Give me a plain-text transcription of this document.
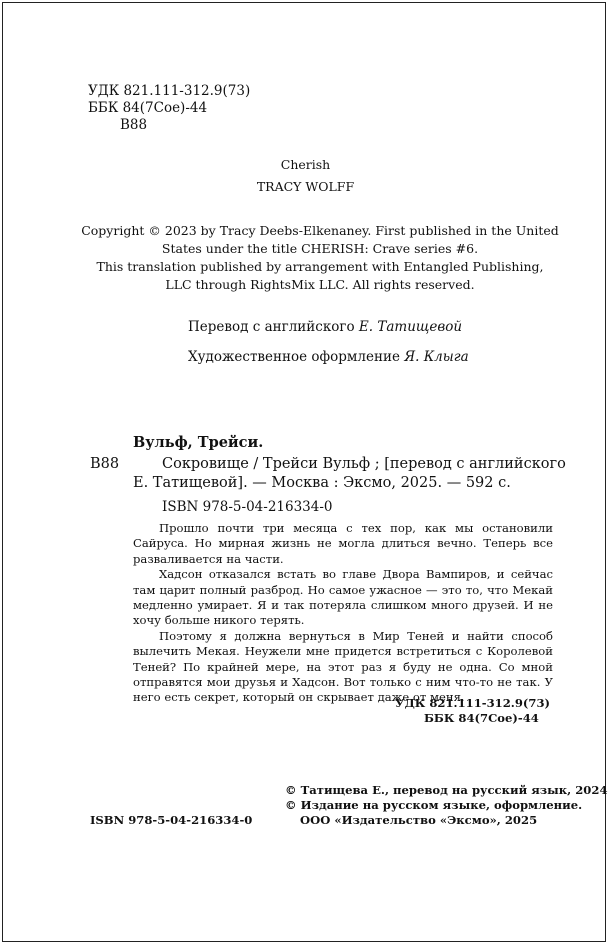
УДК 821.111-312.9(73)
ББК 84(7Сое)-44
В88
Cherish
TRACY WOLFF
Copyright © 2023 by Tracy Deebs-Elkenaney. First published in the United
States under the title CHERISH: Crave series #6.
This translation published by arrangement with Entangled Publishing,
LLC through RightsMix LLC. All rights reserved.
Перевод с английского Е. Татищевой
Художественное оформление Я. Клыга
Вульф, Трейси.
В88	Сокровище / Трейси Вульф ; [перевод с английского
Е. Татищевой]. — Москва : Эксмо, 2025. — 592 с.
ISBN 978-5-04-216334-0

Прошло почти три месяца с тех пор, как мы остановили Сайруса. Но мирная жизнь не могла длиться вечно. Теперь все разваливается на части.

Хадсон отказался встать во главе Двора Вампиров, и сейчас там царит полный разброд. Но самое ужасное — это то, что Мекай медленно умирает. Я и так потеряла слишком много друзей. И не хочу больше никого терять.

Поэтому я должна вернуться в Мир Теней и найти способ вылечить Мекая. Неужели мне придется встретиться с Королевой Теней? По крайней мере, на этот раз я буду не одна. Со мной отправятся мои друзья и Хадсон. Вот только с ним что-то не так. У него есть секрет, который он скрывает даже от меня.

УДК 821.111-312.9(73)
ББК 84(7Сое)-44
© Татищева Е., перевод на русский язык, 2024
© Издание на русском языке, оформление.
ООО «Издательство «Эксмо», 2025
ISBN 978-5-04-216334-0
